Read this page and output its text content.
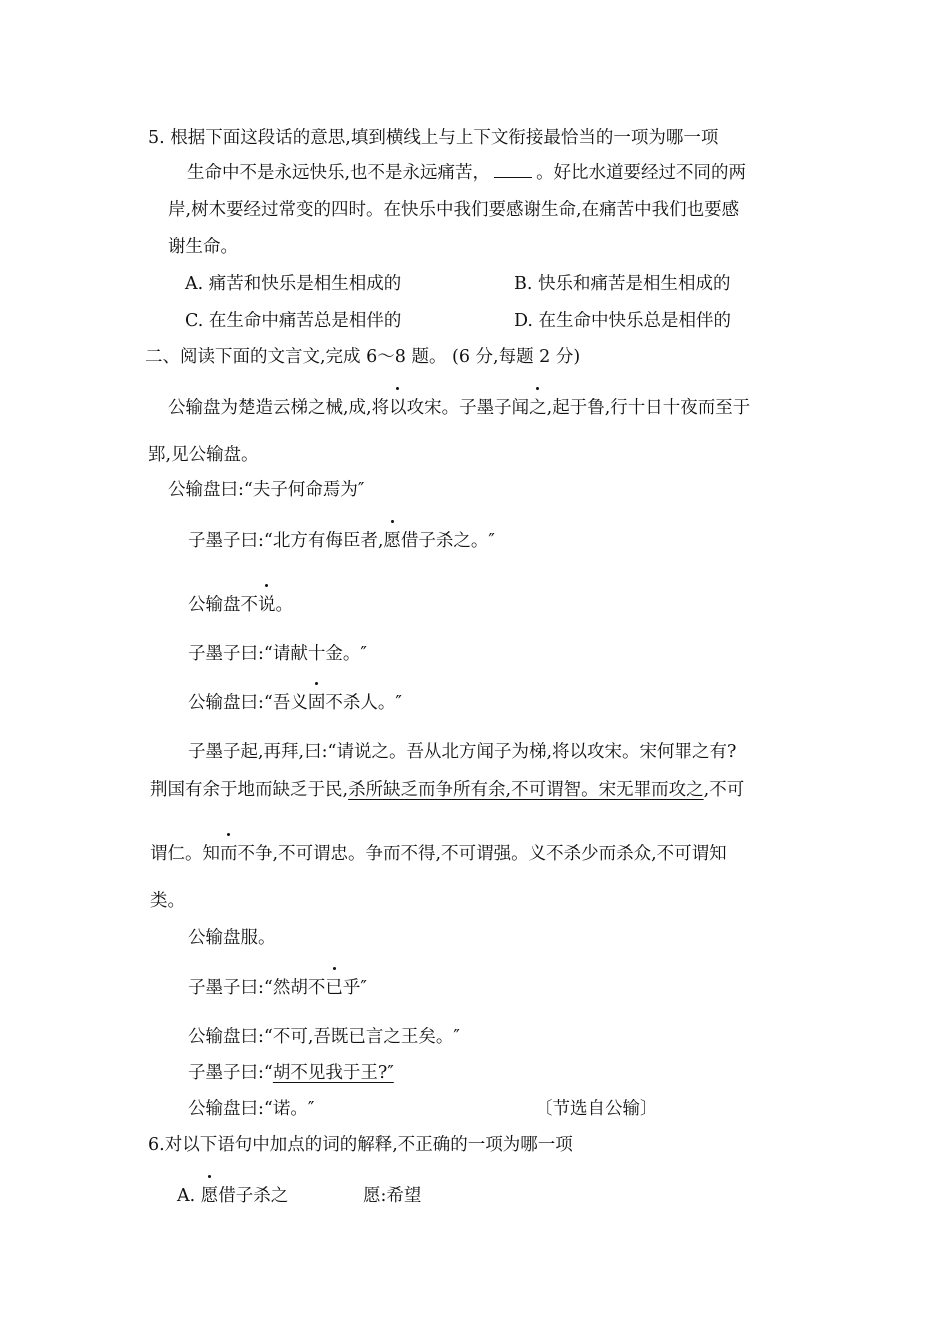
5. 根据下面这段话的意思,填到横线上与上下文衔接最恰当的一项为哪一项
生命中不是永远快乐,也不是永远痛苦，	。好比水道要经过不同的两
岸,树木要经过常变的四时。在快乐中我们要感谢生命,在痛苦中我们也要感
谢生命。
A. 痛苦和快乐是相生相成的	B. 快乐和痛苦是相生相成的
C. 在生命中痛苦总是相伴的	D. 在生命中快乐总是相伴的
二、阅读下面的文言文,完成 6～8 题。 (6 分,每题 2 分)
公输盘为楚造云梯之械,成,将以攻宋。子墨子闻之,起于鲁,行十日十夜而至于
郢,见公输盘。
公输盘曰:“夫子何命焉为″
子墨子曰:“北方有侮臣者,愿借子杀之。″
公输盘不说。
子墨子曰:“请献十金。″
公输盘曰:“吾义固不杀人。″
子墨子起,再拜,曰:“请说之。吾从北方闻子为梯,将以攻宋。宋何罪之有?
荆国有余于地而缺乏于民,杀所缺乏而争所有余,不可谓智。宋无罪而攻之,不可
谓仁。知而不争,不可谓忠。争而不得,不可谓强。义不杀少而杀众,不可谓知
类。
公输盘服。
子墨子曰:“然胡不已乎″
公输盘曰:“不可,吾既已言之王矣。″
子墨子曰:“胡不见我于王?″
公输盘曰:“诺。″	〔节选自公输〕
6.对以下语句中加点的词的解释,不正确的一项为哪一项
A. 愿借子杀之	愿:希望
